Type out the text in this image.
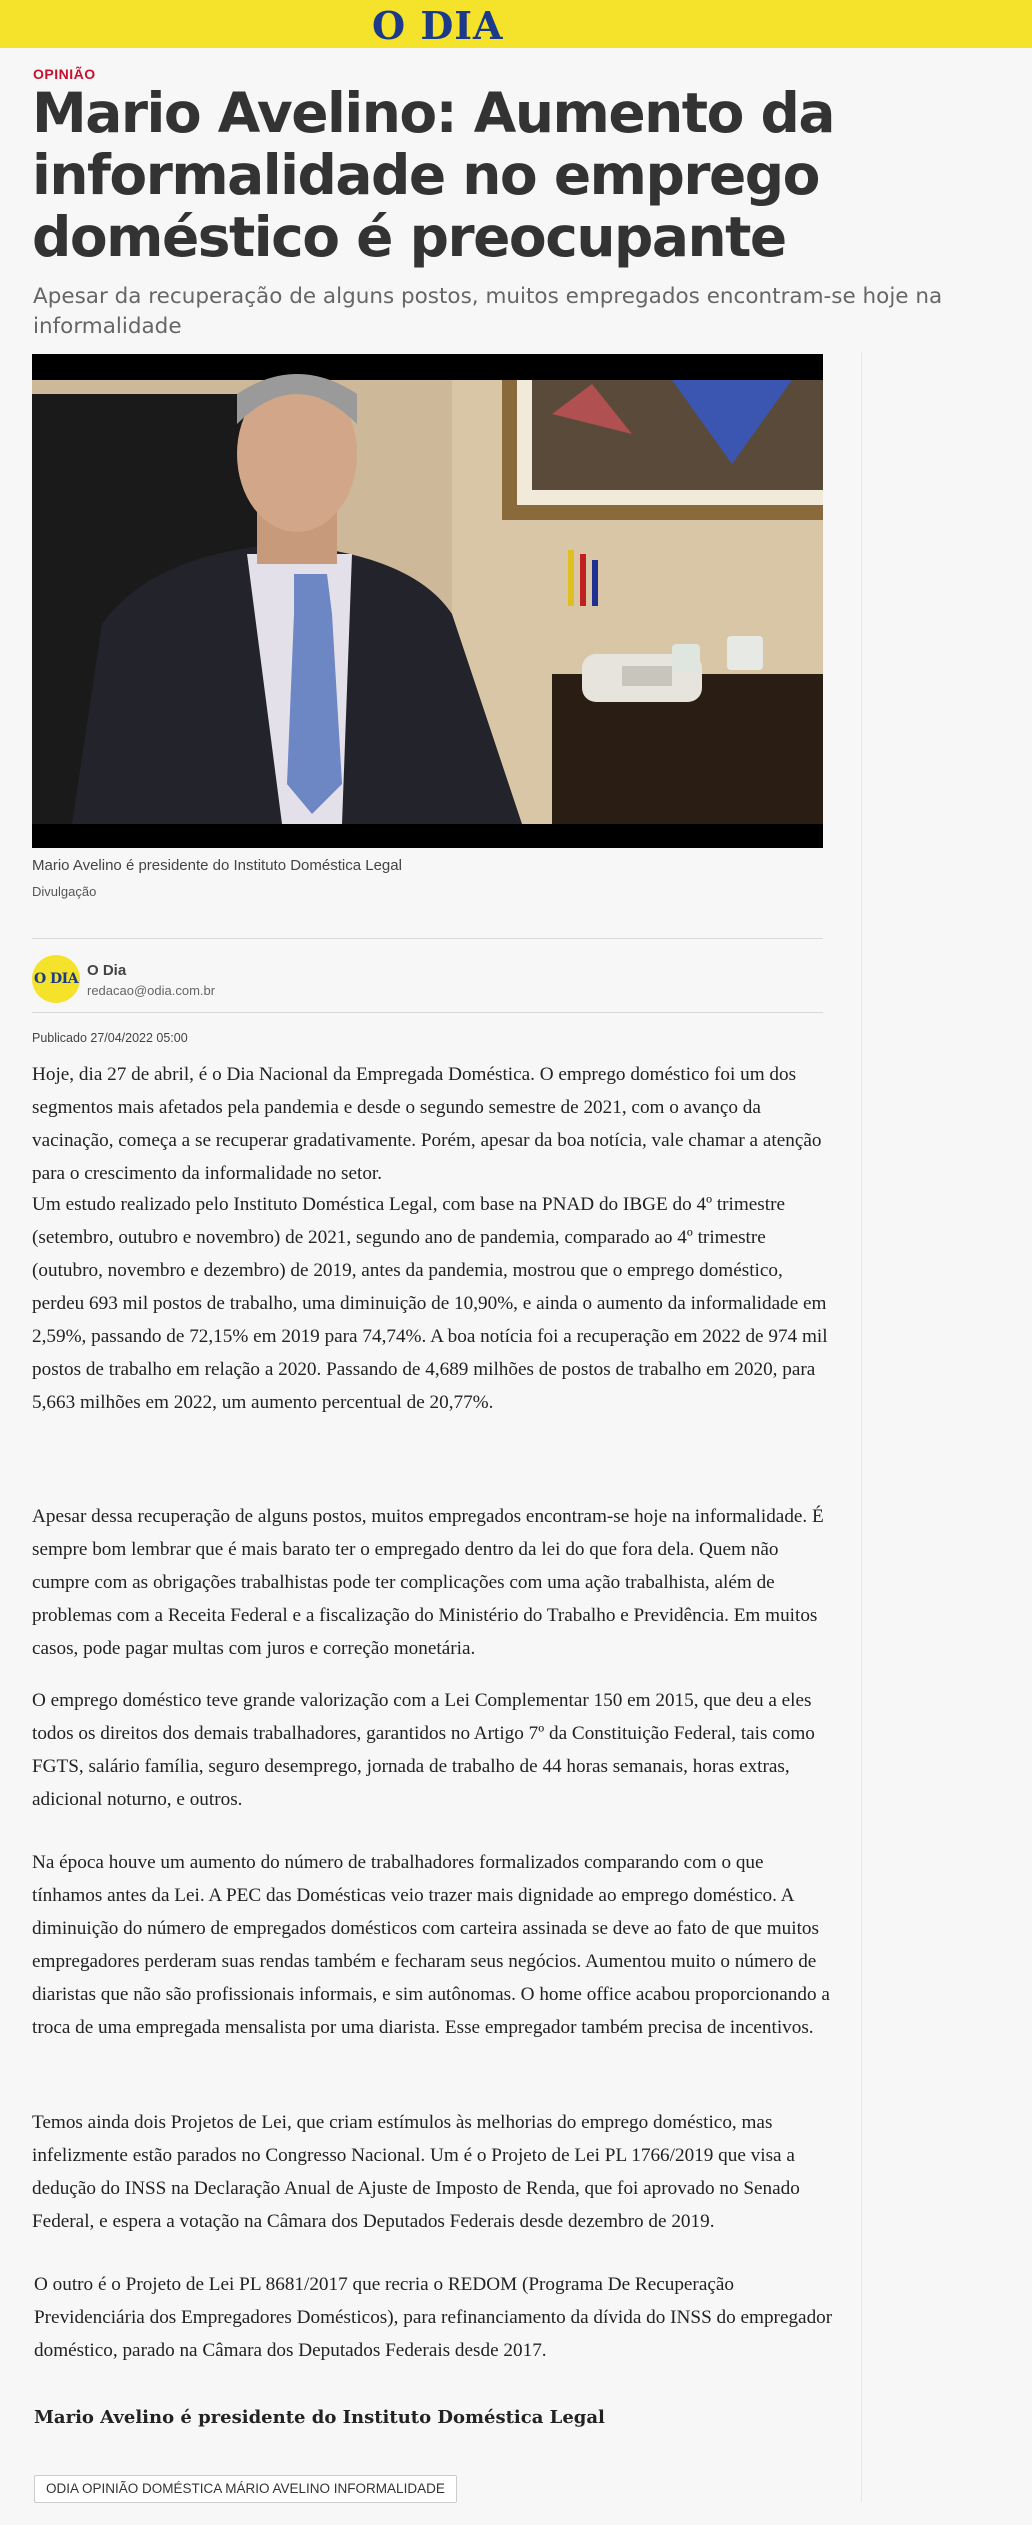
O DIA
OPINIÃO
Mario Avelino: Aumento da informalidade no emprego doméstico é preocupante
Apesar da recuperação de alguns postos, muitos empregados encontram-se hoje na informalidade
Mario Avelino é presidente do Instituto Doméstica Legal
Divulgação
O DIA O Dia
redacao@odia.com.br
Publicado 27/04/2022 05:00

Hoje, dia 27 de abril, é o Dia Nacional da Empregada Doméstica. O emprego doméstico foi um dos segmentos mais afetados pela pandemia e desde o segundo semestre de 2021, com o avanço da vacinação, começa a se recuperar gradativamente. Porém, apesar da boa notícia, vale chamar a atenção para o crescimento da informalidade no setor.

Um estudo realizado pelo Instituto Doméstica Legal, com base na PNAD do IBGE do 4º trimestre (setembro, outubro e novembro) de 2021, segundo ano de pandemia, comparado ao 4º trimestre (outubro, novembro e dezembro) de 2019, antes da pandemia, mostrou que o emprego doméstico, perdeu 693 mil postos de trabalho, uma diminuição de 10,90%, e ainda o aumento da informalidade em 2,59%, passando de 72,15% em 2019 para 74,74%. A boa notícia foi a recuperação em 2022 de 974 mil postos de trabalho em relação a 2020. Passando de 4,689 milhões de postos de trabalho em 2020, para 5,663 milhões em 2022, um aumento percentual de 20,77%.

Apesar dessa recuperação de alguns postos, muitos empregados encontram-se hoje na informalidade. É sempre bom lembrar que é mais barato ter o empregado dentro da lei do que fora dela. Quem não cumpre com as obrigações trabalhistas pode ter complicações com uma ação trabalhista, além de problemas com a Receita Federal e a fiscalização do Ministério do Trabalho e Previdência. Em muitos casos, pode pagar multas com juros e correção monetária.

O emprego doméstico teve grande valorização com a Lei Complementar 150 em 2015, que deu a eles todos os direitos dos demais trabalhadores, garantidos no Artigo 7º da Constituição Federal, tais como FGTS, salário família, seguro desemprego, jornada de trabalho de 44 horas semanais, horas extras, adicional noturno, e outros.

Na época houve um aumento do número de trabalhadores formalizados comparando com o que tínhamos antes da Lei. A PEC das Domésticas veio trazer mais dignidade ao emprego doméstico. A diminuição do número de empregados domésticos com carteira assinada se deve ao fato de que muitos empregadores perderam suas rendas também e fecharam seus negócios. Aumentou muito o número de diaristas que não são profissionais informais, e sim autônomas. O home office acabou proporcionando a troca de uma empregada mensalista por uma diarista. Esse empregador também precisa de incentivos.

Temos ainda dois Projetos de Lei, que criam estímulos às melhorias do emprego doméstico, mas infelizmente estão parados no Congresso Nacional. Um é o Projeto de Lei PL 1766/2019 que visa a dedução do INSS na Declaração Anual de Ajuste de Imposto de Renda, que foi aprovado no Senado Federal, e espera a votação na Câmara dos Deputados Federais desde dezembro de 2019.

O outro é o Projeto de Lei PL 8681/2017 que recria o REDOM (Programa De Recuperação Previdenciária dos Empregadores Domésticos), para refinanciamento da dívida do INSS do empregador doméstico, parado na Câmara dos Deputados Federais desde 2017.

Mario Avelino é presidente do Instituto Doméstica Legal
ODIA OPINIÃO DOMÉSTICA MÁRIO AVELINO INFORMALIDADE
